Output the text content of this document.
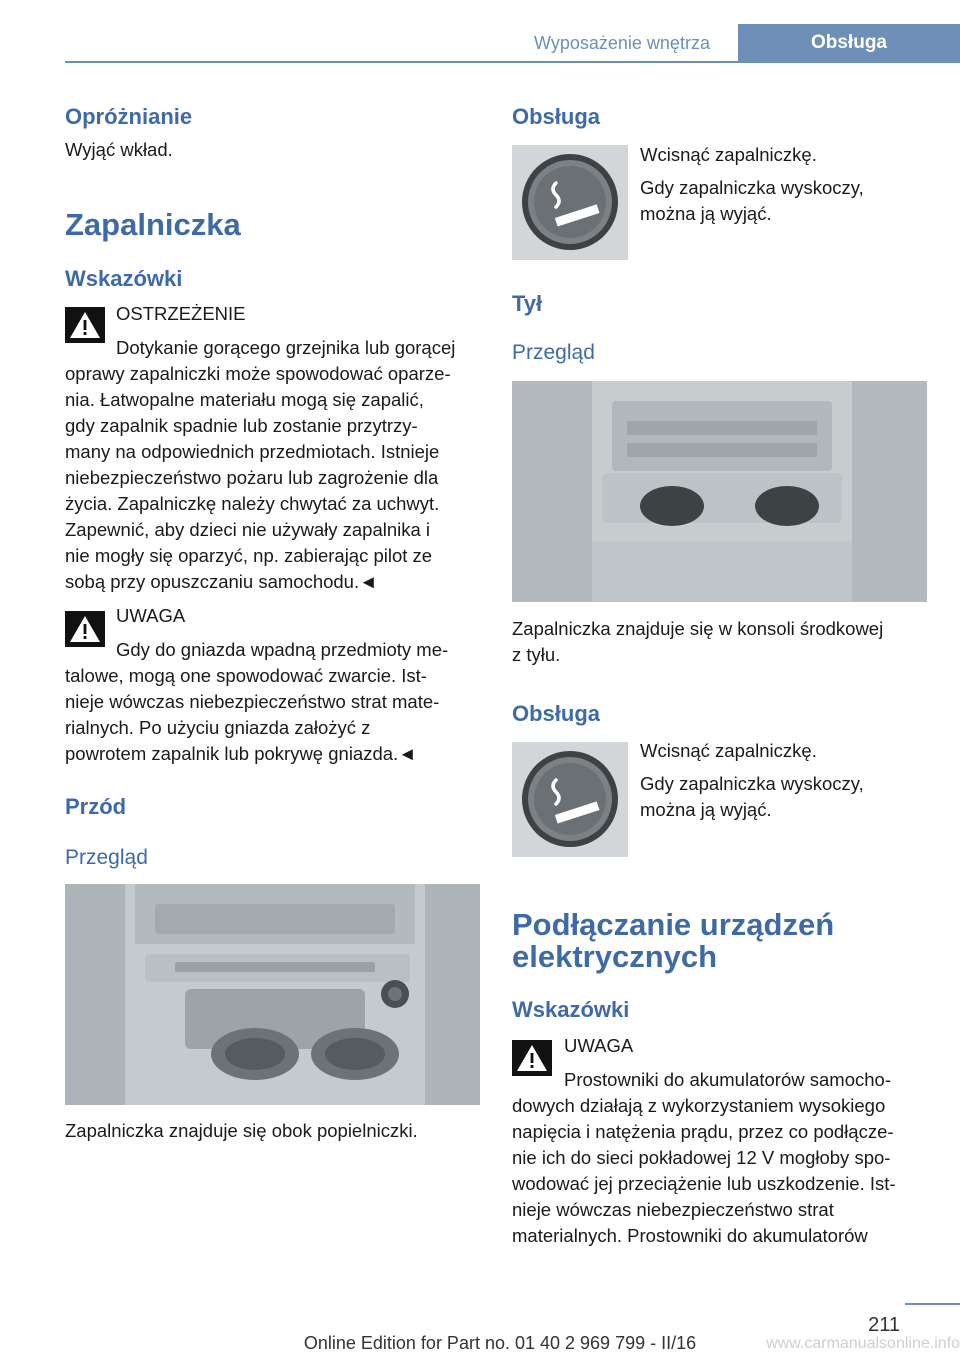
Wyposażenie wnętrza	Obsługa
Opróżnianie
Wyjąć wkład.
Zapalniczka
Wskazówki
OSTRZEŻENIE
Dotykanie gorącego grzejnika lub gorącej
oprawy zapalniczki może spowodować oparze-
nia. Łatwopalne materiału mogą się zapalić,
gdy zapalnik spadnie lub zostanie przytrzy-
many na odpowiednich przedmiotach. Istnieje
niebezpieczeństwo pożaru lub zagrożenie dla
życia. Zapalniczkę należy chwytać za uchwyt.
Zapewnić, aby dzieci nie używały zapalnika i
nie mogły się oparzyć, np. zabierając pilot ze
sobą przy opuszczaniu samochodu.◄
UWAGA
Gdy do gniazda wpadną przedmioty me-
talowe, mogą one spowodować zwarcie. Ist-
nieje wówczas niebezpieczeństwo strat mate-
rialnych. Po użyciu gniazda założyć z
powrotem zapalnik lub pokrywę gniazda.◄
Przód
Przegląd
Zapalniczka znajduje się obok popielniczki.
Obsługa
Wcisnąć zapalniczkę.
Gdy zapalniczka wyskoczy,
można ją wyjąć.
Tył
Przegląd
Zapalniczka znajduje się w konsoli środkowej
z tyłu.
Obsługa
Wcisnąć zapalniczkę.
Gdy zapalniczka wyskoczy,
można ją wyjąć.
Podłączanie urządzeń
elektrycznych
Wskazówki
UWAGA
Prostowniki do akumulatorów samocho-
dowych działają z wykorzystaniem wysokiego
napięcia i natężenia prądu, przez co podłącze-
nie ich do sieci pokładowej 12 V mogłoby spo-
wodować jej przeciążenie lub uszkodzenie. Ist-
nieje wówczas niebezpieczeństwo strat
materialnych. Prostowniki do akumulatorów
211
Online Edition for Part no. 01 40 2 969 799 - II/16	www.carmanualsonline.info
